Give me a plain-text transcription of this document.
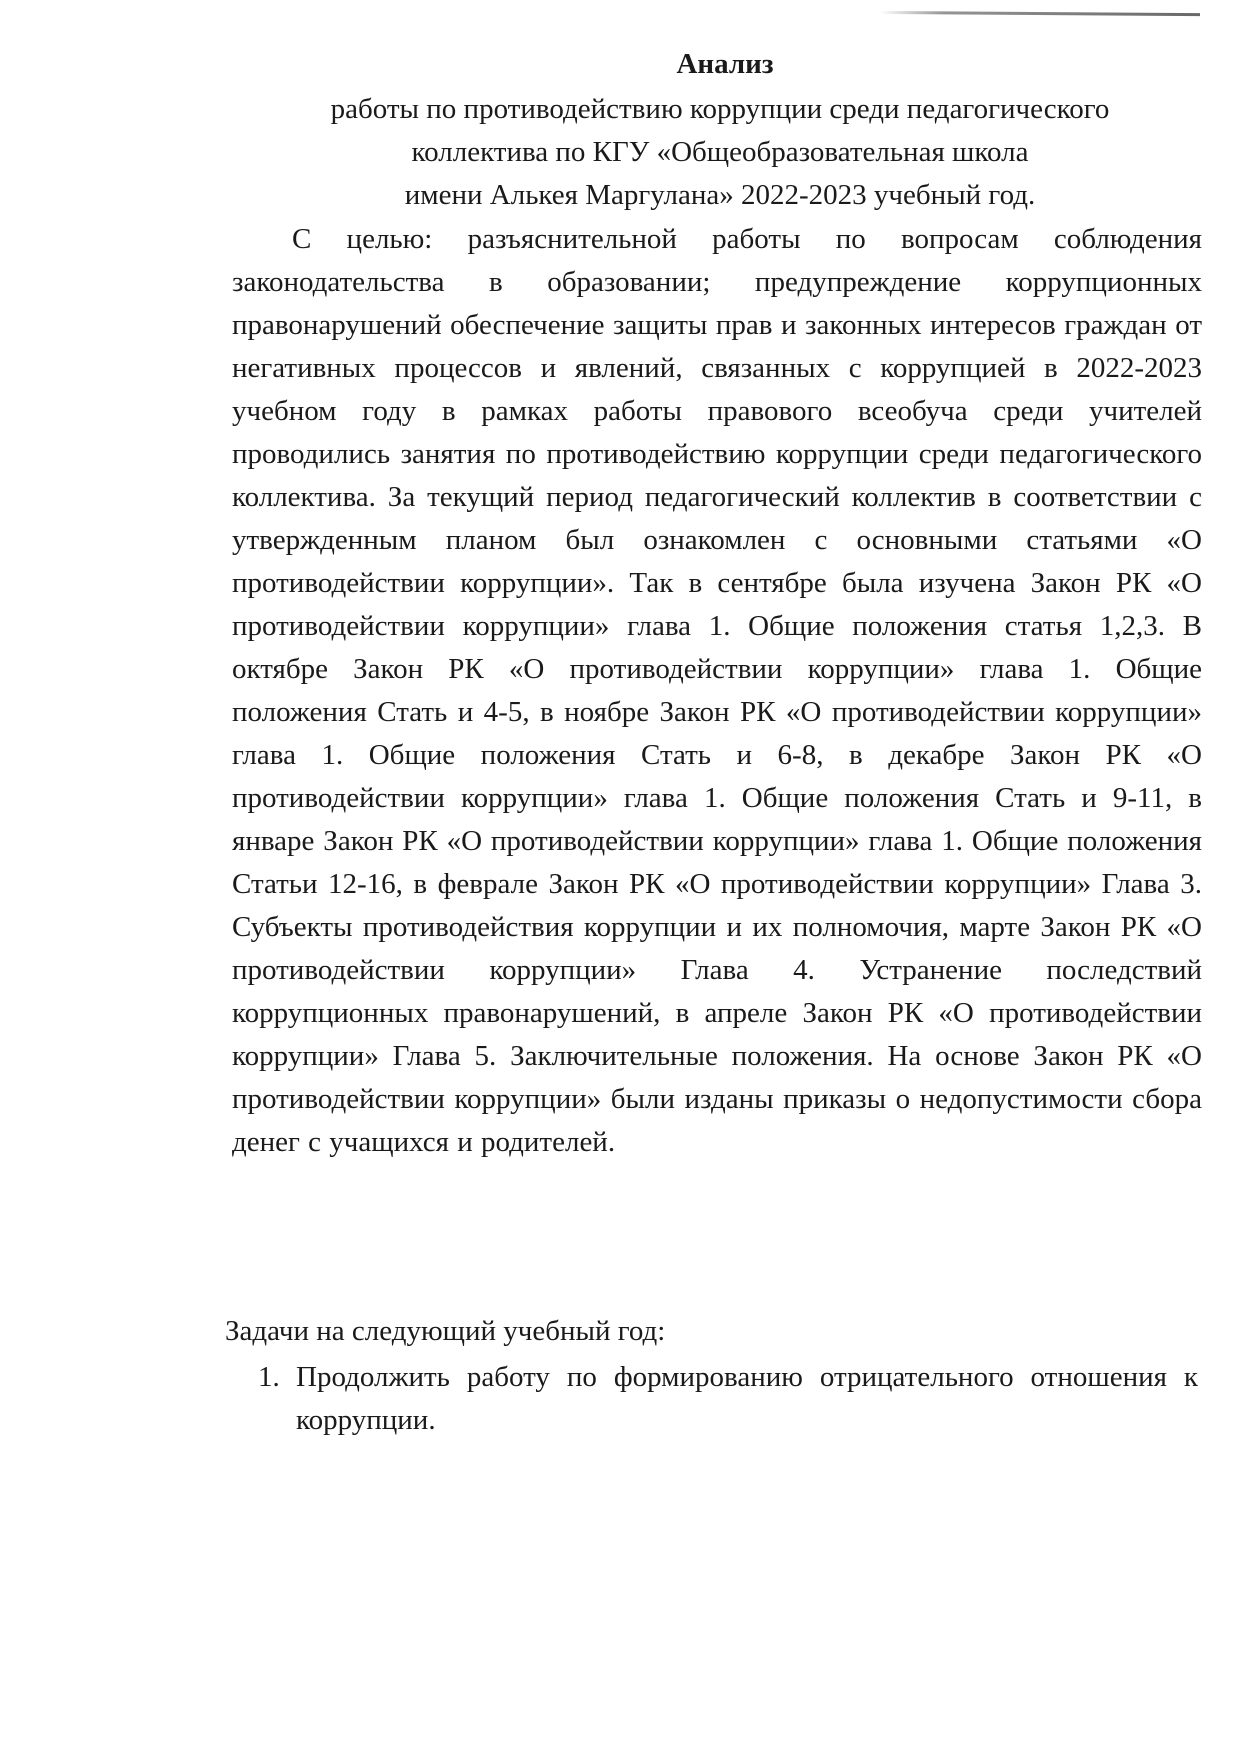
Анализ
работы по противодействию коррупции среди педагогического
коллектива по КГУ «Общеобразовательная школа
имени Алькея Маргулана» 2022-2023 учебный год.

С целью: разъяснительной работы по вопросам соблюдения законодательства в образовании; предупреждение коррупционных правонарушений обеспечение защиты прав и законных интересов граждан от негативных процессов и явлений, связанных с коррупцией в 2022-2023 учебном году в рамках работы правового всеобуча среди учителей проводились занятия по противодействию коррупции среди педагогического коллектива. За текущий период педагогический коллектив в соответствии с утвержденным планом был ознакомлен с основными статьями «О противодействии коррупции». Так в сентябре была изучена Закон РК «О противодействии коррупции» глава 1. Общие положения статья 1,2,3. В октябре Закон РК «О противодействии коррупции» глава 1. Общие положения Стать и 4-5, в ноябре Закон РК «О противодействии коррупции» глава 1. Общие положения Стать и 6-8, в декабре Закон РК «О противодействии коррупции» глава 1. Общие положения Стать и 9-11, в январе Закон РК «О противодействии коррупции» глава 1. Общие положения Статьи 12-16, в феврале Закон РК «О противодействии коррупции» Глава 3. Субъекты противодействия коррупции и их полномочия, марте Закон РК «О противодействии коррупции» Глава 4. Устранение последствий коррупционных правонарушений, в апреле Закон РК «О противодействии коррупции» Глава 5. Заключительные положения. На основе Закон РК «О противодействии коррупции» были изданы приказы о недопустимости сбора денег с учащихся и родителей.

Задачи на следующий учебный год:
1. Продолжить работу по формированию отрицательного отношения к коррупции.
